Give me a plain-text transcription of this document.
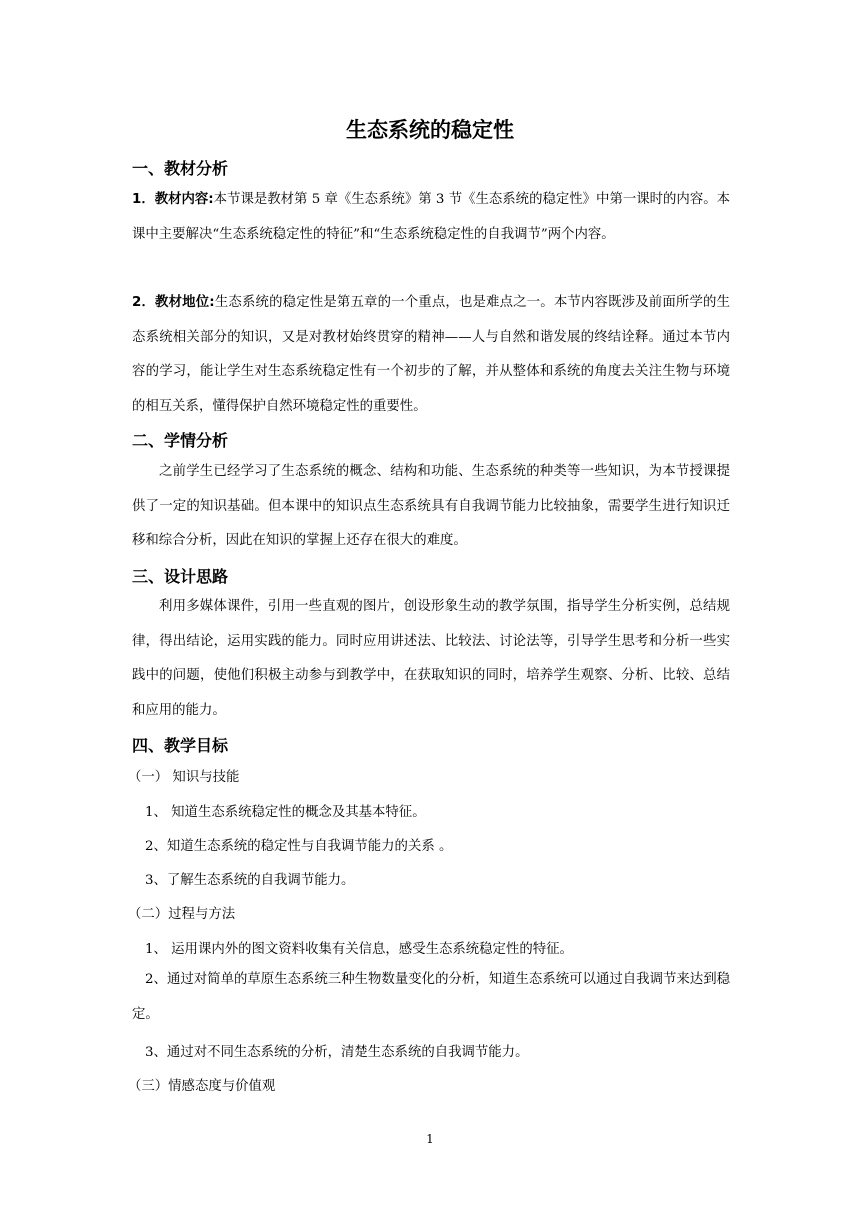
生态系统的稳定性
一、教材分析
1．教材内容:本节课是教材第 5 章《生态系统》第 3 节《生态系统的稳定性》中第一课时的内容。本课中主要解决“生态系统稳定性的特征”和“生态系统稳定性的自我调节”两个内容。
2．教材地位:生态系统的稳定性是第五章的一个重点，也是难点之一。本节内容既涉及前面所学的生态系统相关部分的知识，又是对教材始终贯穿的精神——人与自然和谐发展的终结诠释。通过本节内容的学习，能让学生对生态系统稳定性有一个初步的了解，并从整体和系统的角度去关注生物与环境的相互关系，懂得保护自然环境稳定性的重要性。
二、学情分析
之前学生已经学习了生态系统的概念、结构和功能、生态系统的种类等一些知识，为本节授课提供了一定的知识基础。但本课中的知识点生态系统具有自我调节能力比较抽象，需要学生进行知识迁移和综合分析，因此在知识的掌握上还存在很大的难度。
三、设计思路
利用多媒体课件，引用一些直观的图片，创设形象生动的教学氛围，指导学生分析实例，总结规律，得出结论，运用实践的能力。同时应用讲述法、比较法、讨论法等，引导学生思考和分析一些实践中的问题，使他们积极主动参与到教学中，在获取知识的同时，培养学生观察、分析、比较、总结和应用的能力。
四、教学目标
（一） 知识与技能
1、 知道生态系统稳定性的概念及其基本特征。
2、知道生态系统的稳定性与自我调节能力的关系 。
3、了解生态系统的自我调节能力。
（二）过程与方法
1、 运用课内外的图文资料收集有关信息，感受生态系统稳定性的特征。
2、通过对简单的草原生态系统三种生物数量变化的分析，知道生态系统可以通过自我调节来达到稳定。
3、通过对不同生态系统的分析，清楚生态系统的自我调节能力。
（三）情感态度与价值观
1
